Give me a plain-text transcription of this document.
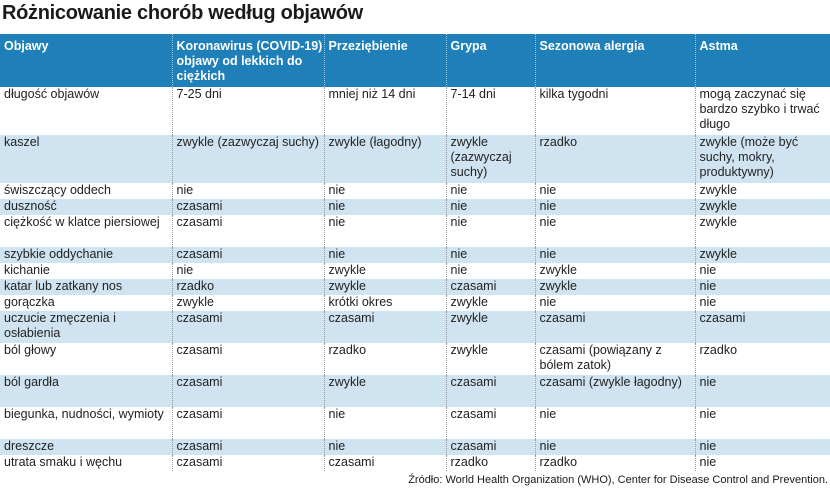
Różnicowanie chorób według objawów
Objawy	Koronawirus (COVID-19) objawy od lekkich do ciężkich	Przeziębienie	Grypa	Sezonowa alergia	Astma
długość objawów	7-25 dni	mniej niż 14 dni	7-14 dni	kilka tygodni	mogą zaczynać się bardzo szybko i trwać długo
kaszel	zwykle (zazwyczaj suchy)	zwykle (łagodny)	zwykle (zazwyczaj suchy)	rzadko	zwykle (może być suchy, mokry, produktywny)
świszczący oddech	nie	nie	nie	nie	zwykle
duszność	czasami	nie	nie	nie	zwykle
ciężkość w klatce piersiowej	czasami	nie	nie	nie	zwykle
szybkie oddychanie	czasami	nie	nie	nie	zwykle
kichanie	nie	zwykle	nie	zwykle	nie
katar lub zatkany nos	rzadko	zwykle	czasami	zwykle	nie
gorączka	zwykle	krótki okres	zwykle	nie	nie
uczucie zmęczenia i osłabienia	czasami	czasami	zwykle	czasami	czasami
ból głowy	czasami	rzadko	zwykle	czasami (powiązany z bólem zatok)	rzadko
ból gardła	czasami	zwykle	czasami	czasami (zwykle łagodny)	nie
biegunka, nudności, wymioty	czasami	nie	czasami	nie	nie
dreszcze	czasami	nie	czasami	nie	nie
utrata smaku i węchu	czasami	czasami	rzadko	rzadko	nie
Źródło: World Health Organization (WHO), Center for Disease Control and Prevention.
